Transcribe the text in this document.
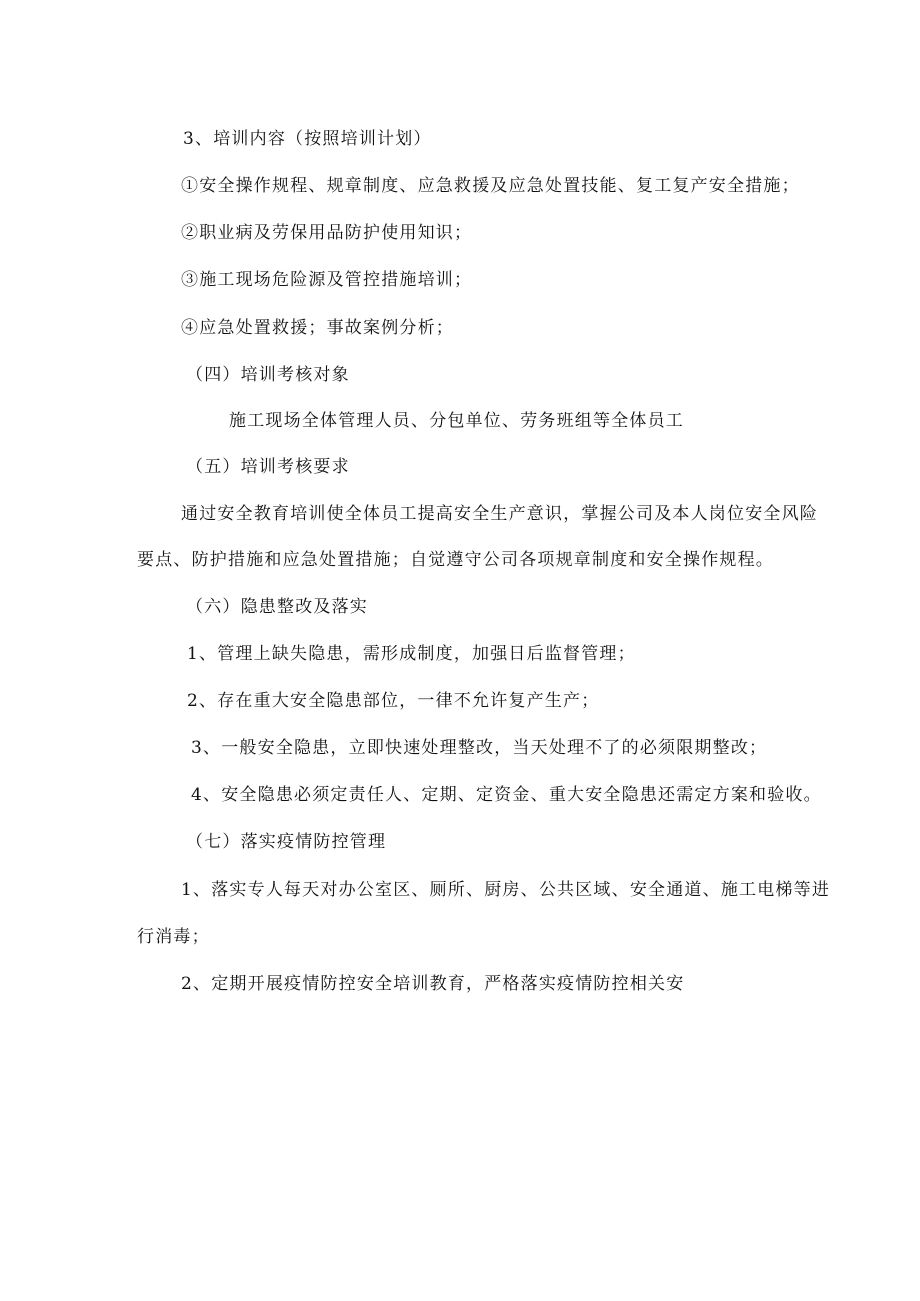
3、培训内容（按照培训计划）
①安全操作规程、规章制度、应急救援及应急处置技能、复工复产安全措施；
②职业病及劳保用品防护使用知识；
③施工现场危险源及管控措施培训；
④应急处置救援；事故案例分析；
（四）培训考核对象
施工现场全体管理人员、分包单位、劳务班组等全体员工
（五）培训考核要求
通过安全教育培训使全体员工提高安全生产意识，掌握公司及本人岗位安全风险
要点、防护措施和应急处置措施；自觉遵守公司各项规章制度和安全操作规程。
（六）隐患整改及落实
1、管理上缺失隐患，需形成制度，加强日后监督管理；
2、存在重大安全隐患部位，一律不允许复产生产；
3、一般安全隐患，立即快速处理整改，当天处理不了的必须限期整改；
4、安全隐患必须定责任人、定期、定资金、重大安全隐患还需定方案和验收。
（七）落实疫情防控管理
1、落实专人每天对办公室区、厕所、厨房、公共区域、安全通道、施工电梯等进
行消毒；
2、定期开展疫情防控安全培训教育，严格落实疫情防控相关安
